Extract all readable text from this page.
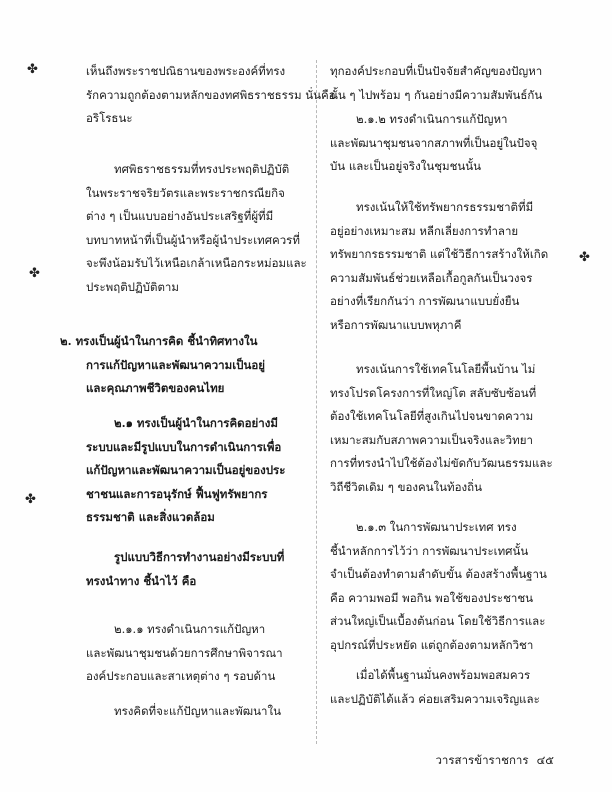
✤
✤
✤
✤
เห็นถึงพระราชปณิธานของพระองค์ที่ทรง
รักความถูกต้องตามหลักของทศพิธราชธรรม นั่นคือ
อริโรธนะ
ทศพิธราชธรรมที่ทรงประพฤติปฏิบัติ
ในพระราชจริยวัตรและพระราชกรณียกิจ
ต่าง ๆ เป็นแบบอย่างอันประเสริฐที่ผู้ที่มี
บทบาทหน้าที่เป็นผู้นำหรือผู้นำประเทศควรที่
จะพึงน้อมรับไว้เหนือเกล้าเหนือกระหม่อมและ
ประพฤติปฏิบัติตาม
๒. ทรงเป็นผู้นำในการคิด ชี้นำทิศทางใน
การแก้ปัญหาและพัฒนาความเป็นอยู่
และคุณภาพชีวิตของคนไทย
๒.๑ ทรงเป็นผู้นำในการคิดอย่างมี
ระบบและมีรูปแบบในการดำเนินการเพื่อ
แก้ปัญหาและพัฒนาความเป็นอยู่ของประ
ชาชนและการอนุรักษ์ ฟื้นฟูทรัพยากร
ธรรมชาติ และสิ่งแวดล้อม
รูปแบบวิธีการทำงานอย่างมีระบบที่
ทรงนำทาง ชี้นำไว้ คือ
๒.๑.๑ ทรงดำเนินการแก้ปัญหา
และพัฒนาชุมชนด้วยการศึกษาพิจารณา
องค์ประกอบและสาเหตุต่าง ๆ รอบด้าน
ทรงคิดที่จะแก้ปัญหาและพัฒนาใน
ทุกองค์ประกอบที่เป็นปัจจัยสำคัญของปัญหา
นั้น ๆ ไปพร้อม ๆ กันอย่างมีความสัมพันธ์กัน
๒.๑.๒ ทรงดำเนินการแก้ปัญหา
และพัฒนาชุมชนจากสภาพที่เป็นอยู่ในปัจจุ
บัน และเป็นอยู่จริงในชุมชนนั้น
ทรงเน้นให้ใช้ทรัพยากรธรรมชาติที่มี
อยู่อย่างเหมาะสม หลีกเลี่ยงการทำลาย
ทรัพยากรธรรมชาติ แต่ใช้วิธีการสร้างให้เกิด
ความสัมพันธ์ช่วยเหลือเกื้อกูลกันเป็นวงจร
อย่างที่เรียกกันว่า การพัฒนาแบบยั่งยืน
หรือการพัฒนาแบบพหุภาคี
ทรงเน้นการใช้เทคโนโลยีพื้นบ้าน ไม่
ทรงโปรดโครงการที่ใหญ่โต สลับซับซ้อนที่
ต้องใช้เทคโนโลยีที่สูงเกินไปจนขาดความ
เหมาะสมกับสภาพความเป็นจริงและวิทยา
การที่ทรงนำไปใช้ต้องไม่ขัดกับวัฒนธรรมและ
วิถีชีวิตเดิม ๆ ของคนในท้องถิ่น
๒.๑.๓ ในการพัฒนาประเทศ ทรง
ชี้นำหลักการไว้ว่า การพัฒนาประเทศนั้น
จำเป็นต้องทำตามลำดับขั้น ต้องสร้างพื้นฐาน
คือ ความพอมี พอกิน พอใช้ของประชาชน
ส่วนใหญ่เป็นเบื้องต้นก่อน โดยใช้วิธีการและ
อุปกรณ์ที่ประหยัด แต่ถูกต้องตามหลักวิชา
เมื่อได้พื้นฐานมั่นคงพร้อมพอสมควร
และปฏิบัติได้แล้ว ค่อยเสริมความเจริญและ
วารสารข้าราชการ ๔๕
